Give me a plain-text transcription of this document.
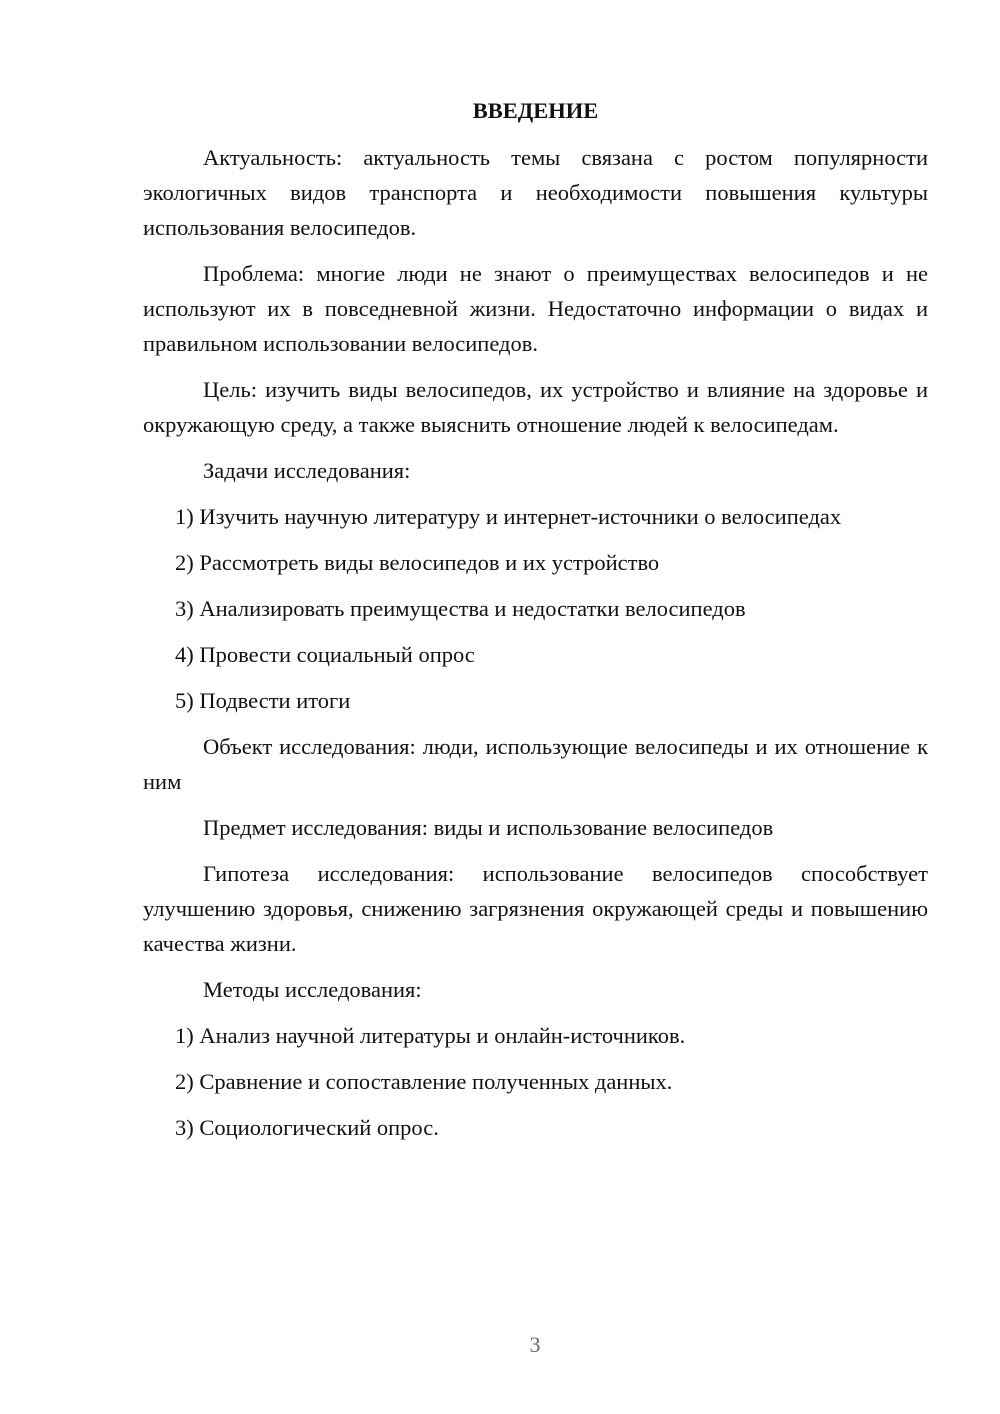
ВВЕДЕНИЕ
Актуальность: актуальность темы связана с ростом популярности экологичных видов транспорта и необходимости повышения культуры использования велосипедов.
Проблема: многие люди не знают о преимуществах велосипедов и не используют их в повседневной жизни. Недостаточно информации о видах и правильном использовании велосипедов.
Цель: изучить виды велосипедов, их устройство и влияние на здоровье и окружающую среду, а также выяснить отношение людей к велосипедам.
Задачи исследования:
1) Изучить научную литературу и интернет-источники о велосипедах
2) Рассмотреть виды велосипедов и их устройство
3) Анализировать преимущества и недостатки велосипедов
4) Провести социальный опрос
5) Подвести итоги
Объект исследования: люди, использующие велосипеды и их отношение к ним
Предмет исследования: виды и использование велосипедов
Гипотеза исследования: использование велосипедов способствует улучшению здоровья, снижению загрязнения окружающей среды и повышению качества жизни.
Методы исследования:
1) Анализ научной литературы и онлайн-источников.
2) Сравнение и сопоставление полученных данных.
3) Социологический опрос.
3
